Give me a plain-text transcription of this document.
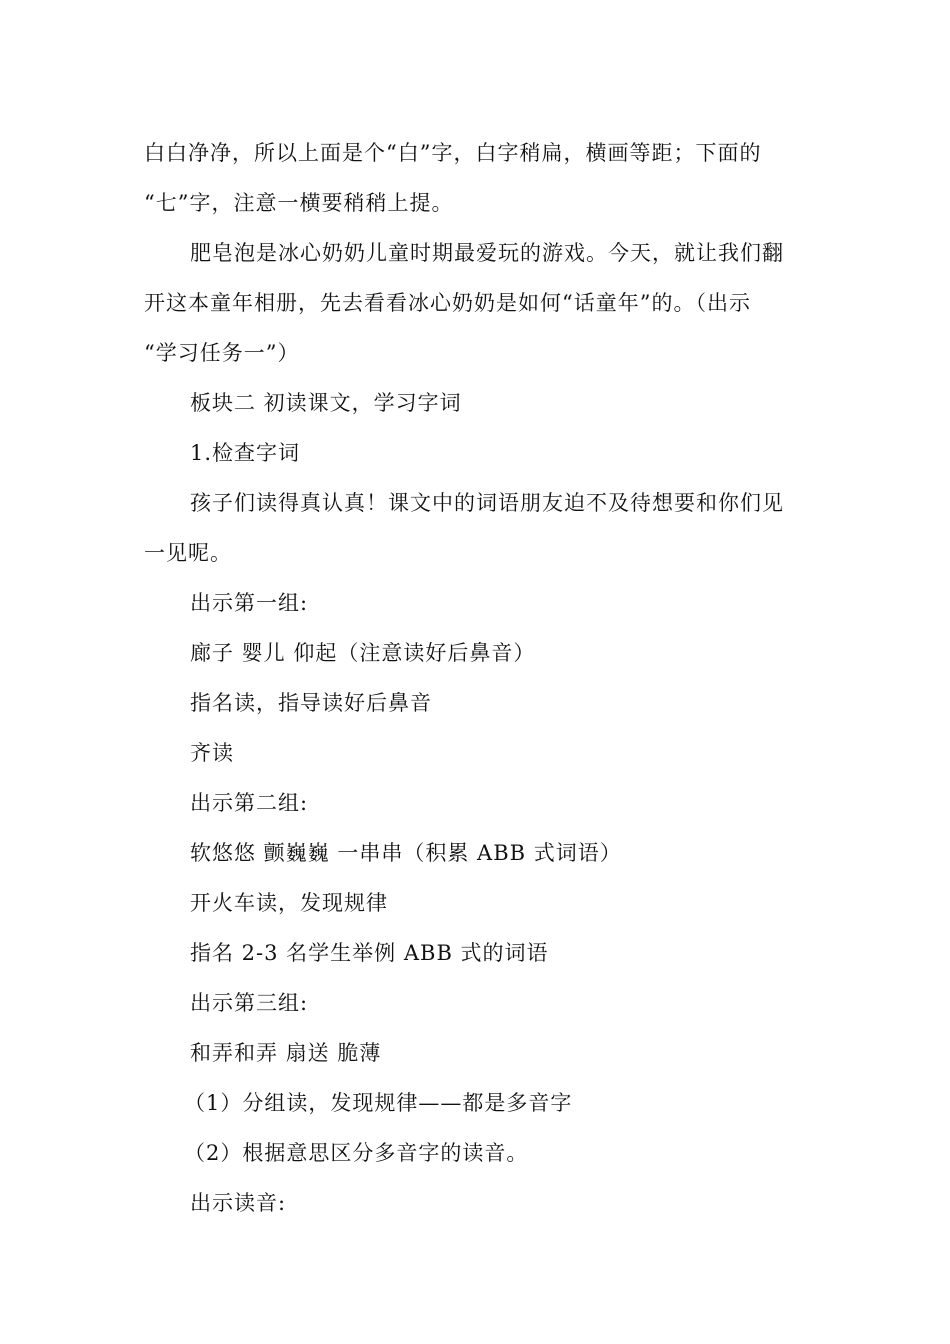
白白净净，所以上面是个“白”字，白字稍扁，横画等距；下面的
“七”字，注意一横要稍稍上提。
肥皂泡是冰心奶奶儿童时期最爱玩的游戏。今天，就让我们翻
开这本童年相册，先去看看冰心奶奶是如何“话童年”的。（出示
“学习任务一”）
板块二 初读课文，学习字词
1.检查字词
孩子们读得真认真！课文中的词语朋友迫不及待想要和你们见
一见呢。
出示第一组:
廊子 婴儿 仰起（注意读好后鼻音）
指名读，指导读好后鼻音
齐读
出示第二组:
软悠悠 颤巍巍 一串串（积累 ABB 式词语）
开火车读，发现规律
指名 2-3 名学生举例 ABB 式的词语
出示第三组:
和弄和弄 扇送 脆薄
（1）分组读，发现规律——都是多音字
（2）根据意思区分多音字的读音。
出示读音:
